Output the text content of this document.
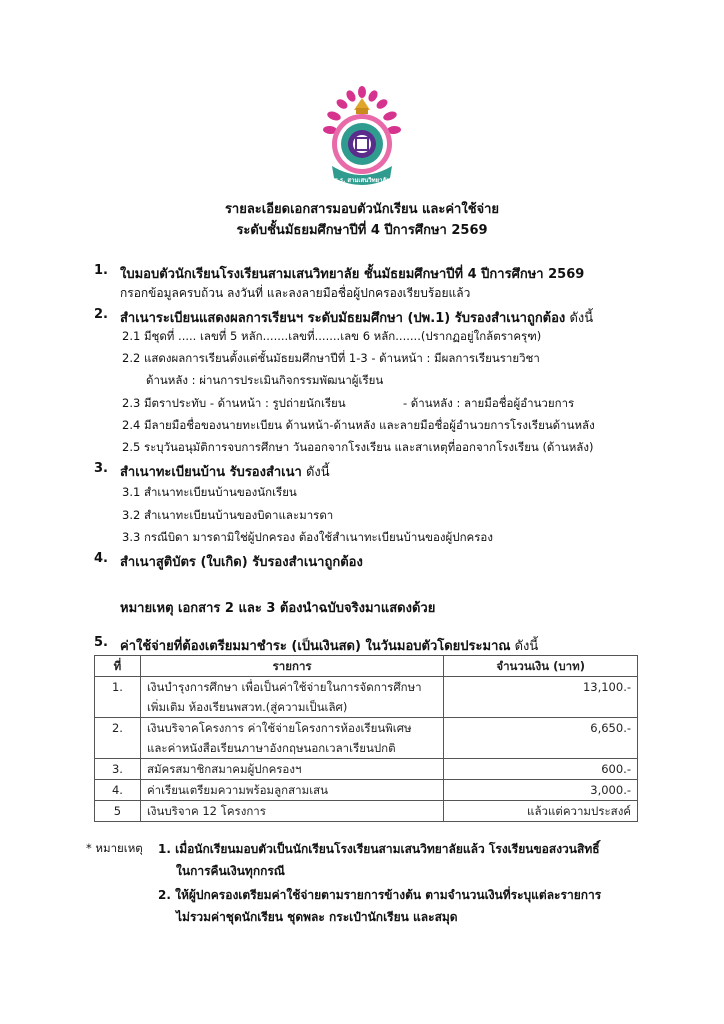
ร.ร. สามเสนวิทยาลัย
รายละเอียดเอกสารมอบตัวนักเรียน และค่าใช้จ่าย
ระดับชั้นมัธยมศึกษาปีที่ 4 ปีการศึกษา 2569
1. ใบมอบตัวนักเรียนโรงเรียนสามเสนวิทยาลัย ชั้นมัธยมศึกษาปีที่ 4 ปีการศึกษา 2569
กรอกข้อมูลครบถ้วน ลงวันที่ และลงลายมือชื่อผู้ปกครองเรียบร้อยแล้ว
2. สำเนาระเบียนแสดงผลการเรียนฯ ระดับมัธยมศึกษา (ปพ.1) รับรองสำเนาถูกต้อง ดังนี้
2.1 มีชุดที่ ..... เลขที่ 5 หลัก.......เลขที่.......เลข 6 หลัก.......(ปรากฏอยู่ใกล้ตราครุฑ)
2.2 แสดงผลการเรียนตั้งแต่ชั้นมัธยมศึกษาปีที่ 1-3 - ด้านหน้า : มีผลการเรียนรายวิชา
ด้านหลัง : ผ่านการประเมินกิจกรรมพัฒนาผู้เรียน
2.3 มีตราประทับ - ด้านหน้า : รูปถ่ายนักเรียน	- ด้านหลัง : ลายมือชื่อผู้อำนวยการ
2.4 มีลายมือชื่อของนายทะเบียน ด้านหน้า-ด้านหลัง และลายมือชื่อผู้อำนวยการโรงเรียนด้านหลัง
2.5 ระบุวันอนุมัติการจบการศึกษา วันออกจากโรงเรียน และสาเหตุที่ออกจากโรงเรียน (ด้านหลัง)
3. สำเนาทะเบียนบ้าน รับรองสำเนา ดังนี้
3.1 สำเนาทะเบียนบ้านของนักเรียน
3.2 สำเนาทะเบียนบ้านของบิดาและมารดา
3.3 กรณีบิดา มารดามิใช่ผู้ปกครอง ต้องใช้สำเนาทะเบียนบ้านของผู้ปกครอง
4. สำเนาสูติบัตร (ใบเกิด) รับรองสำเนาถูกต้อง
หมายเหตุ เอกสาร 2 และ 3 ต้องนำฉบับจริงมาแสดงด้วย
5. ค่าใช้จ่ายที่ต้องเตรียมมาชำระ (เป็นเงินสด) ในวันมอบตัวโดยประมาณ ดังนี้
ที่	รายการ	จำนวนเงิน (บาท)
1.	เงินบำรุงการศึกษา เพื่อเป็นค่าใช้จ่ายในการจัดการศึกษา
เพิ่มเติม ห้องเรียนพสวท.(สู่ความเป็นเลิศ)	13,100.-
2.	เงินบริจาคโครงการ ค่าใช้จ่ายโครงการห้องเรียนพิเศษ
และค่าหนังสือเรียนภาษาอังกฤษนอกเวลาเรียนปกติ	6,650.-
3.	สมัครสมาชิกสมาคมผู้ปกครองฯ	600.-
4.	ค่าเรียนเตรียมความพร้อมลูกสามเสน	3,000.-
5	เงินบริจาค 12 โครงการ	แล้วแต่ความประสงค์
* หมายเหตุ 1. เมื่อนักเรียนมอบตัวเป็นนักเรียนโรงเรียนสามเสนวิทยาลัยแล้ว โรงเรียนขอสงวนสิทธิ์
ในการคืนเงินทุกกรณี
2. ให้ผู้ปกครองเตรียมค่าใช้จ่ายตามรายการข้างต้น ตามจำนวนเงินที่ระบุแต่ละรายการ
ไม่รวมค่าชุดนักเรียน ชุดพละ กระเป๋านักเรียน และสมุด
